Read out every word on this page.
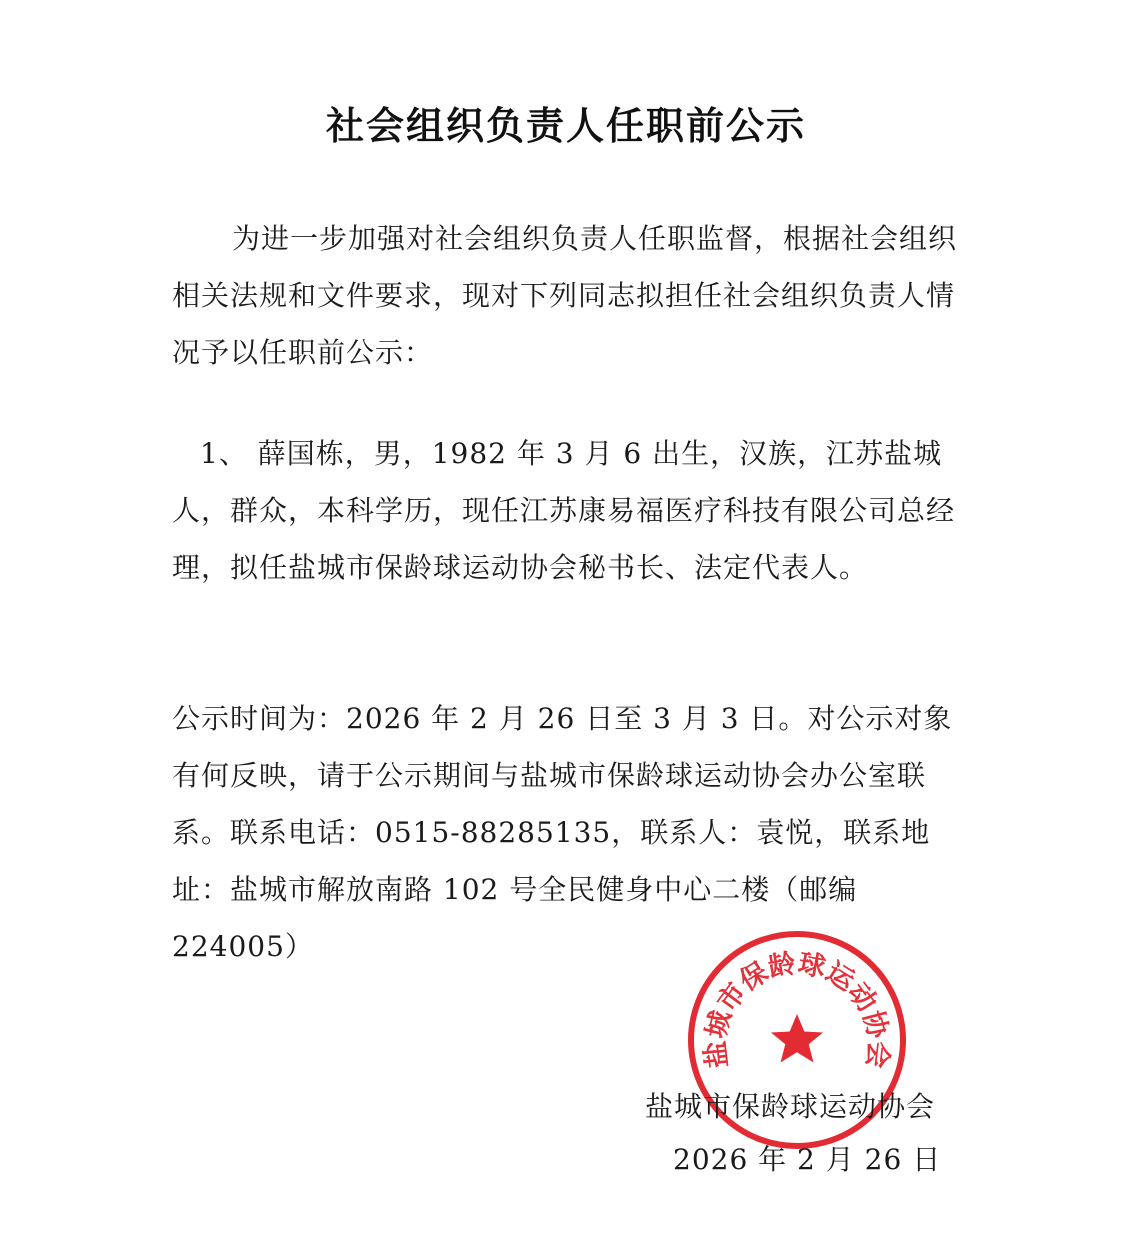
社会组织负责人任职前公示
为进一步加强对社会组织负责人任职监督，根据社会组织相关法规和文件要求，现对下列同志拟担任社会组织负责人情况予以任职前公示：
1、 薛国栋，男，1982 年 3 月 6 出生，汉族，江苏盐城人，群众，本科学历，现任江苏康易福医疗科技有限公司总经理，拟任盐城市保龄球运动协会秘书长、法定代表人。
公示时间为：2026 年 2 月 26 日至 3 月 3 日。对公示对象有何反映，请于公示期间与盐城市保龄球运动协会办公室联系。联系电话：0515-88285135，联系人：袁悦，联系地址：盐城市解放南路 102 号全民健身中心二楼（邮编 224005）
盐城市保龄球运动协会
盐城市保龄球运动协会
2026 年 2 月 26 日
